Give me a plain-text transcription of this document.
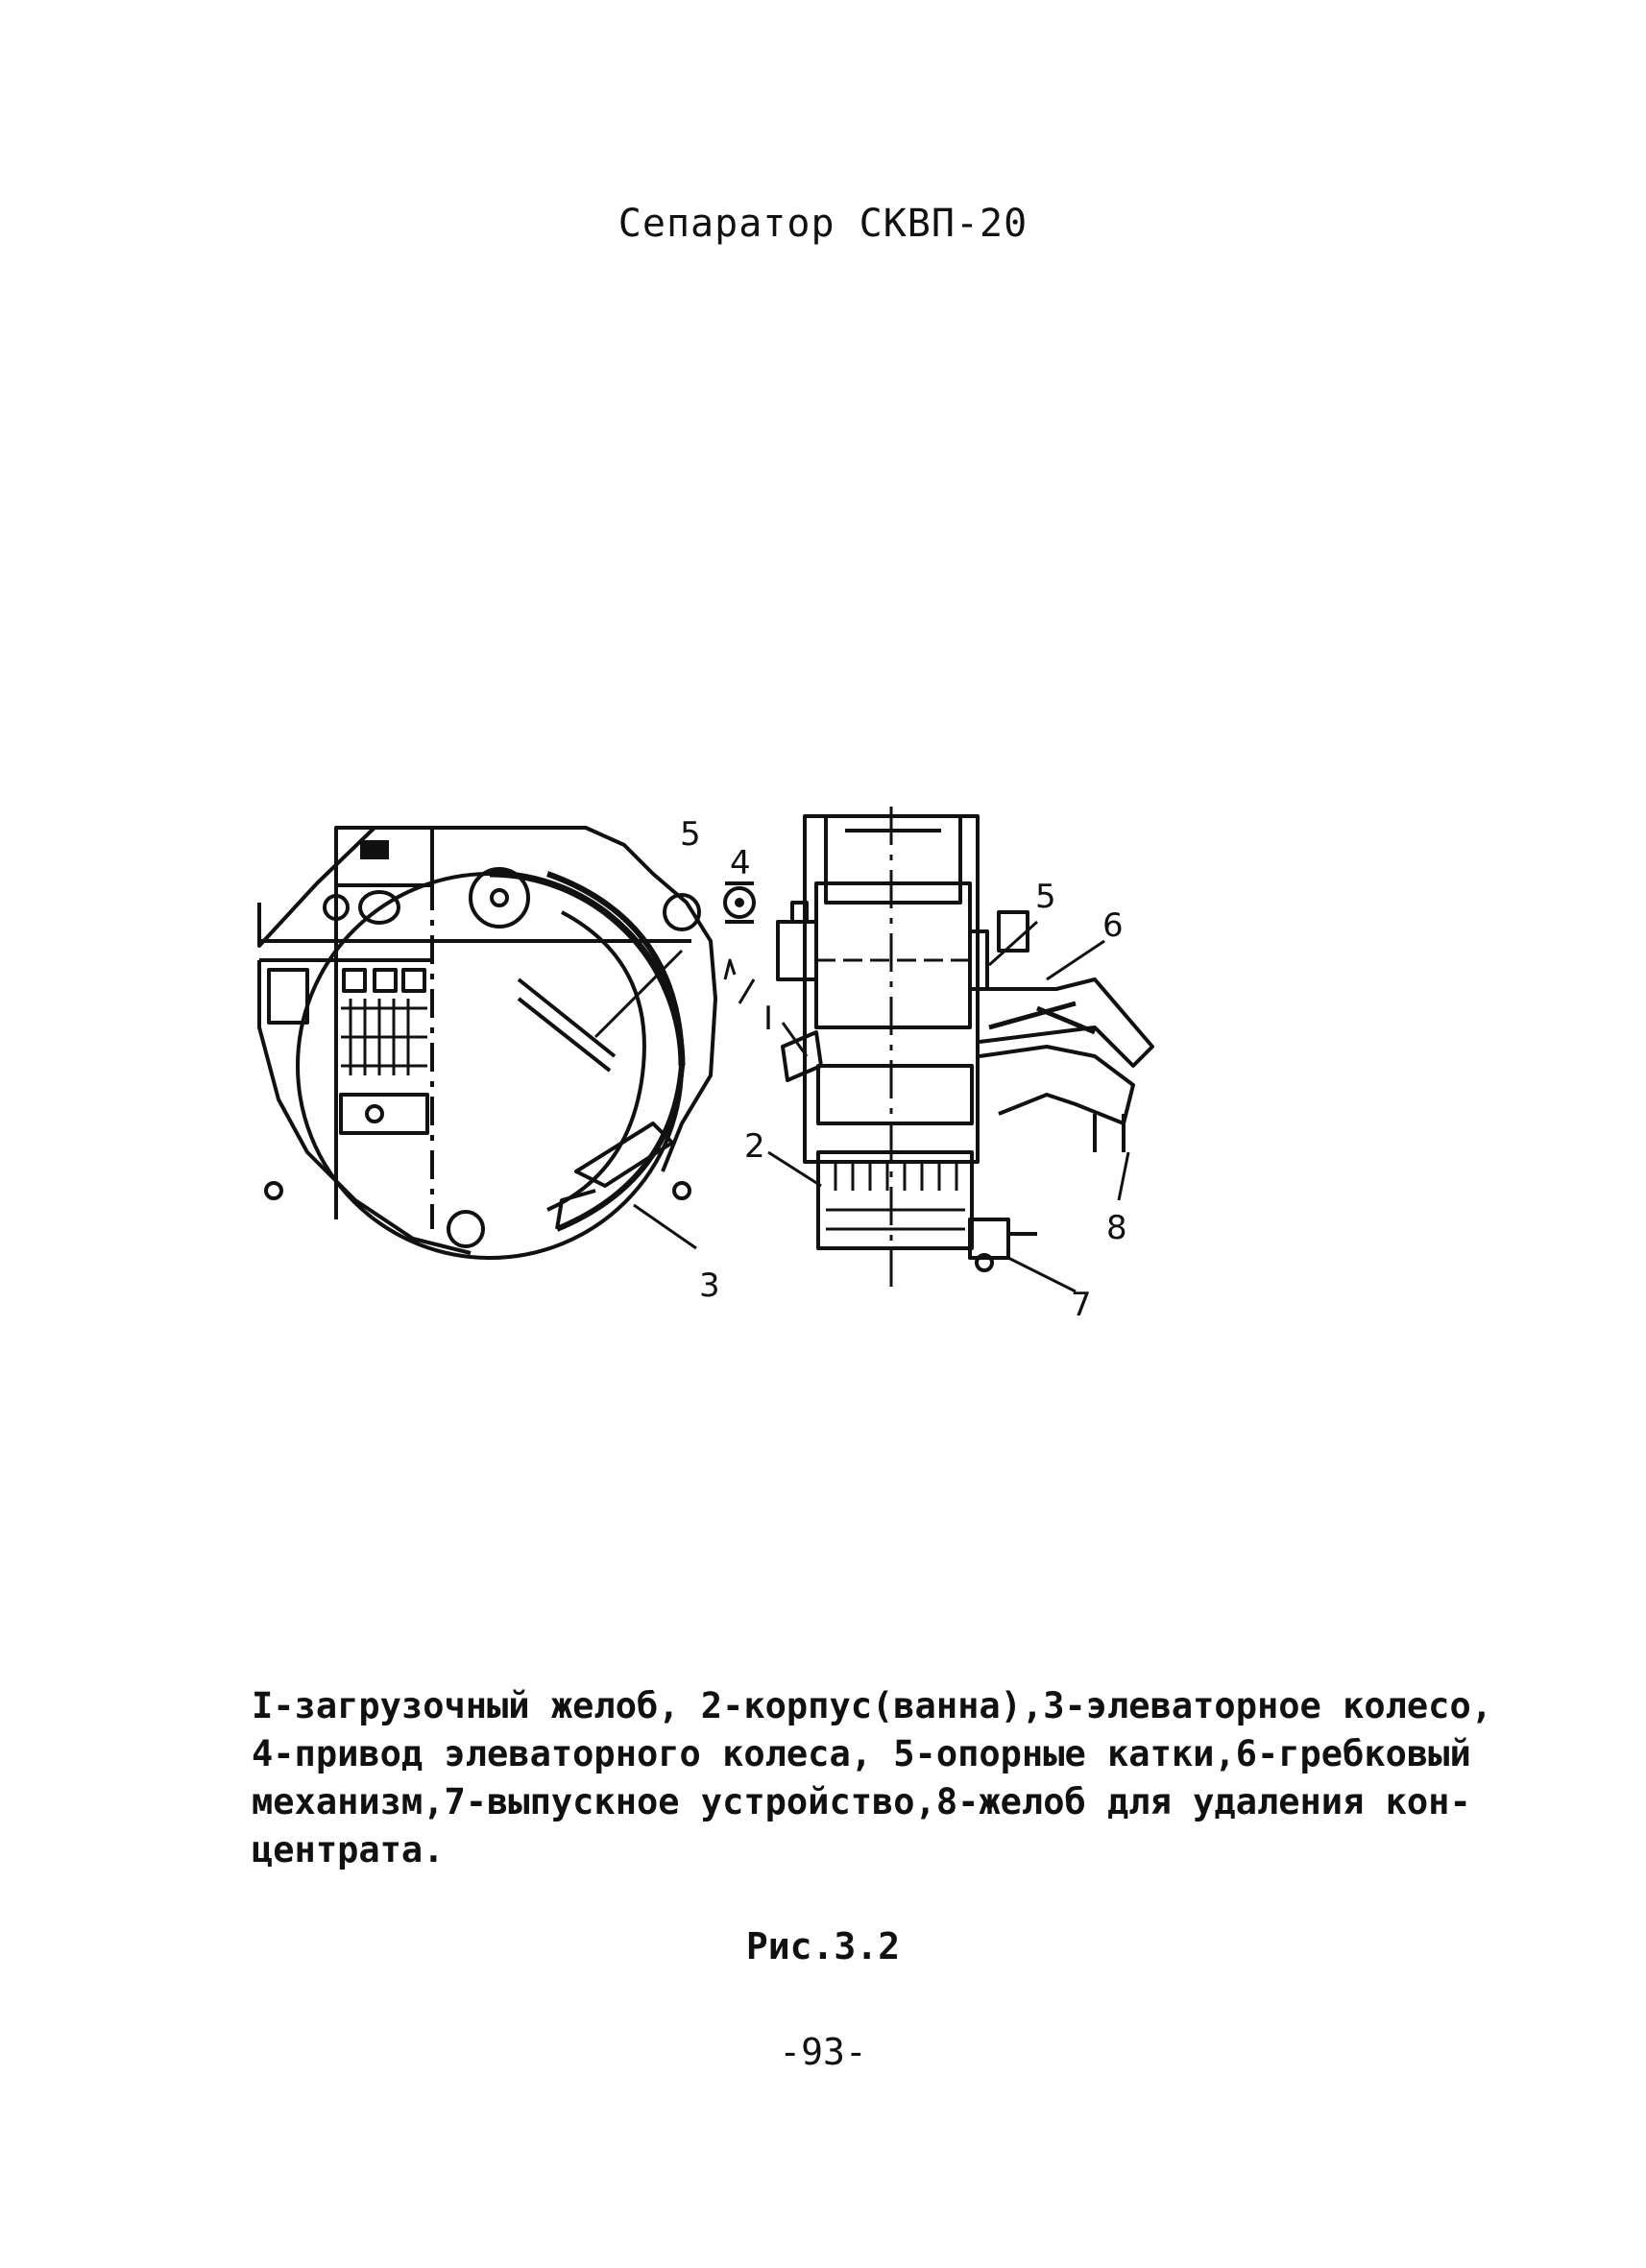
Сепаратор СКВП-20
5
4
3
5
6
I
2
8
7
I-загрузочный желоб, 2-корпус(ванна),3-элеваторное колесо,
4-привод элеваторного колеса, 5-опорные катки,6-гребковый
механизм,7-выпускное устройство,8-желоб для удаления кон-
центрата.
Рис.3.2
-93-
